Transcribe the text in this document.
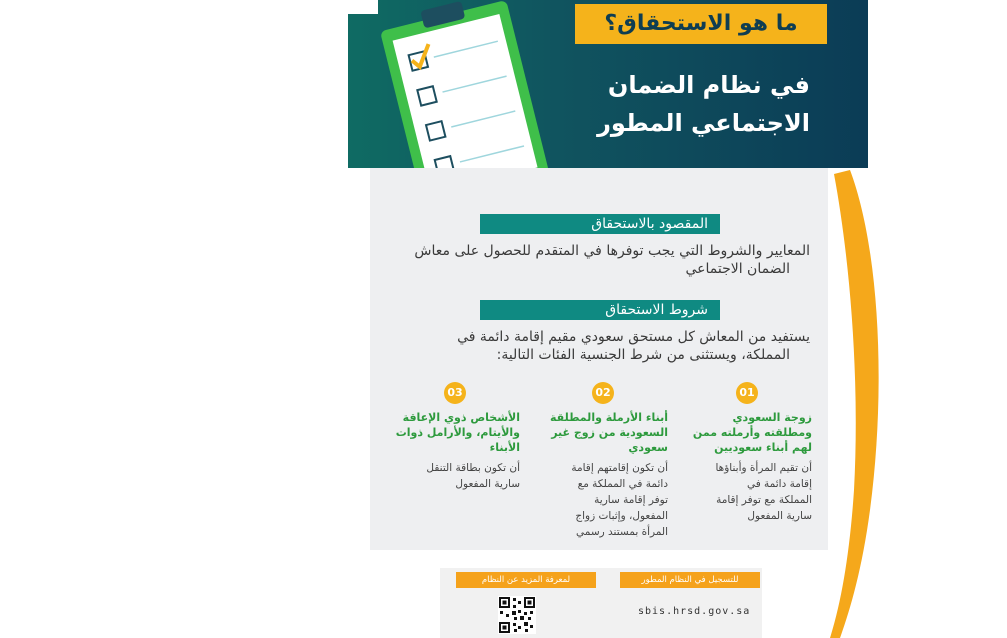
ما هو الاستحقاق؟
في نظام الضمان
الاجتماعي المطور
المقصود بالاستحقاق
المعايير والشروط التي يجب توفرها في المتقدم للحصول على معاش
الضمان الاجتماعي
شروط الاستحقاق
يستفيد من المعاش كل مستحق سعودي مقيم إقامة دائمة في
المملكة، ويستثنى من شرط الجنسية الفئات التالية:
01
زوجة السعودي
ومطلقته وأرملته ممن
لهم أبناء سعوديين
أن تقيم المرأة وأبناؤها
إقامة دائمة في
المملكة مع توفر إقامة
سارية المفعول
02
أبناء الأرملة والمطلقة
السعودية من زوج غير
سعودي
أن تكون إقامتهم إقامة
دائمة في المملكة مع
توفر إقامة سارية
المفعول، وإثبات زواج
المرأة بمستند رسمي
03
الأشخاص ذوي الإعاقة
والأيتام، والأرامل ذوات
الأبناء
أن تكون بطاقة التنقل
سارية المفعول
للتسجيل في النظام المطور
لمعرفة المزيد عن النظام
sbis.hrsd.gov.sa
